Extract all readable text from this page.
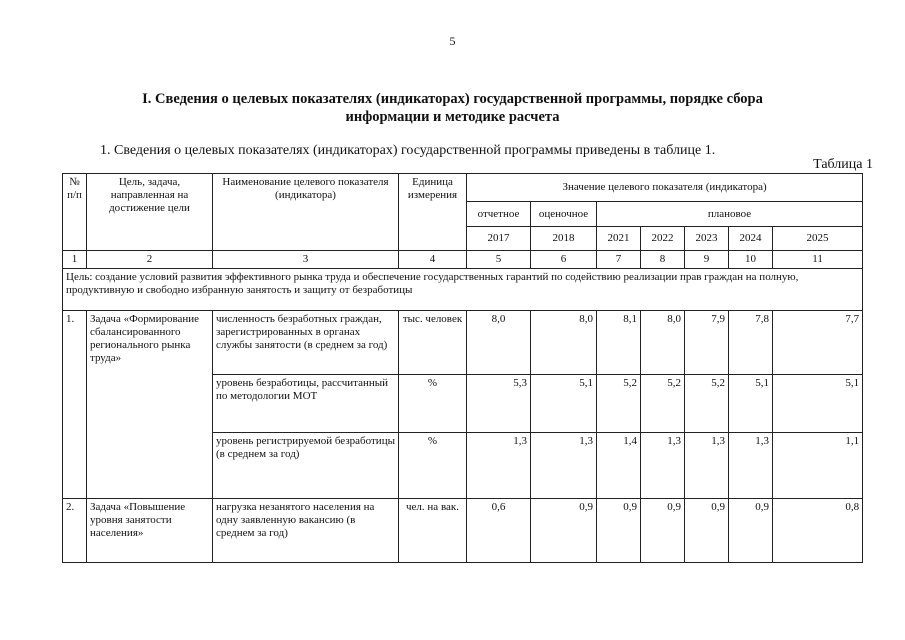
5
I. Сведения о целевых показателях (индикаторах) государственной программы, порядке сбора
информации и методике расчета
1. Сведения о целевых показателях (индикаторах) государственной программы приведены в таблице 1.
Таблица 1
№ п/п	Цель, задача, направленная на достижение цели	Наименование целевого показателя (индикатора)	Единица измерения	Значение целевого показателя (индикатора)						
				отчетное	оценочное	плановое				
				2017	2018	2021	2022	2023	2024	2025
1	2	3	4	5	6	7	8	9	10	11
Цель: создание условий развития эффективного рынка труда и обеспечение государственных гарантий по содействию реализации прав граждан на полную, продуктивную и свободно избранную занятость и защиту от безработицы										
1.	Задача «Формирование сбалансированного регионального рынка труда»	численность безработных граждан, зарегистрированных в органах службы занятости (в среднем за год)	тыс. человек	8,0	8,0	8,1	8,0	7,9	7,8	7,7
		уровень безработицы, рассчитанный по методологии МОТ	%	5,3	5,1	5,2	5,2	5,2	5,1	5,1
		уровень регистрируемой безработицы (в среднем за год)	%	1,3	1,3	1,4	1,3	1,3	1,3	1,1
2.	Задача «Повышение уровня занятости населения»	нагрузка незанятого населения на одну заявленную вакансию (в среднем за год)	чел. на вак.	0,6	0,9	0,9	0,9	0,9	0,9	0,8
